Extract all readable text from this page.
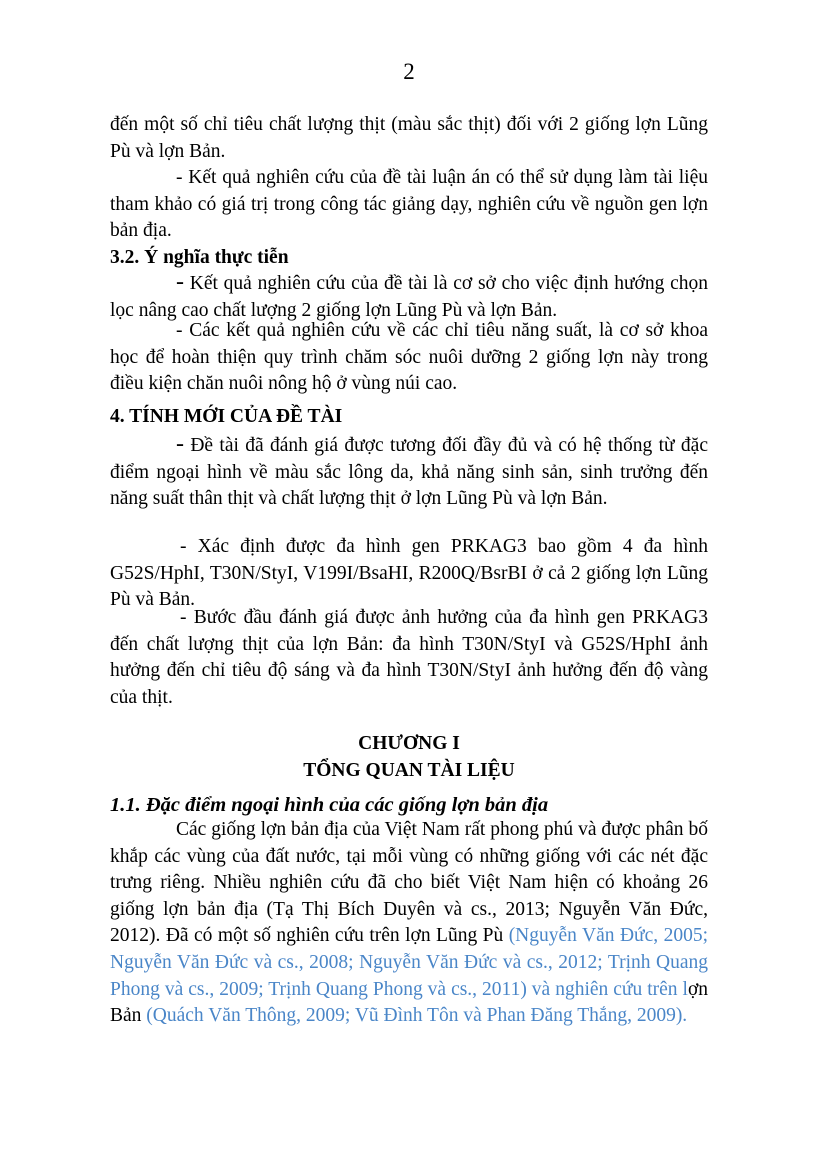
2

đến một số chỉ tiêu chất lượng thịt (màu sắc thịt) đối với 2 giống lợn Lũng Pù và lợn Bản.

- Kết quả nghiên cứu của đề tài luận án có thể sử dụng làm tài liệu tham khảo có giá trị trong công tác giảng dạy, nghiên cứu về nguồn gen lợn bản địa.

3.2. Ý nghĩa thực tiễn

- Kết quả nghiên cứu của đề tài là cơ sở cho việc định hướng chọn lọc nâng cao chất lượng 2 giống lợn Lũng Pù và lợn Bản.

- Các kết quả nghiên cứu về các chỉ tiêu năng suất, là cơ sở khoa học để hoàn thiện quy trình chăm sóc nuôi dưỡng 2 giống lợn này trong điều kiện chăn nuôi nông hộ ở vùng núi cao.

4. TÍNH MỚI CỦA ĐỀ TÀI

- Đề tài đã đánh giá được tương đối đầy đủ và có hệ thống từ đặc điểm ngoại hình về màu sắc lông da, khả năng sinh sản, sinh trưởng đến năng suất thân thịt và chất lượng thịt ở lợn Lũng Pù và lợn Bản.

- Xác định được đa hình gen PRKAG3 bao gồm 4 đa hình G52S/HphI, T30N/StyI, V199I/BsaHI, R200Q/BsrBI ở cả 2 giống lợn Lũng Pù và Bản.

- Bước đầu đánh giá được ảnh hưởng của đa hình gen PRKAG3 đến chất lượng thịt của lợn Bản: đa hình T30N/StyI và G52S/HphI ảnh hưởng đến chỉ tiêu độ sáng và đa hình T30N/StyI ảnh hưởng đến độ vàng của thịt.

CHƯƠNG I
TỔNG QUAN TÀI LIỆU
1.1. Đặc điểm ngoại hình của các giống lợn bản địa

Các giống lợn bản địa của Việt Nam rất phong phú và được phân bố khắp các vùng của đất nước, tại mỗi vùng có những giống với các nét đặc trưng riêng. Nhiều nghiên cứu đã cho biết Việt Nam hiện có khoảng 26 giống lợn bản địa (Tạ Thị Bích Duyên và cs., 2013; Nguyễn Văn Đức, 2012). Đã có một số nghiên cứu trên lợn Lũng Pù (Nguyễn Văn Đức, 2005; Nguyễn Văn Đức và cs., 2008; Nguyễn Văn Đức và cs., 2012; Trịnh Quang Phong và cs., 2009; Trịnh Quang Phong và cs., 2011) và nghiên cứu trên lợn Bản (Quách Văn Thông, 2009; Vũ Đình Tôn và Phan Đăng Thắng, 2009).
